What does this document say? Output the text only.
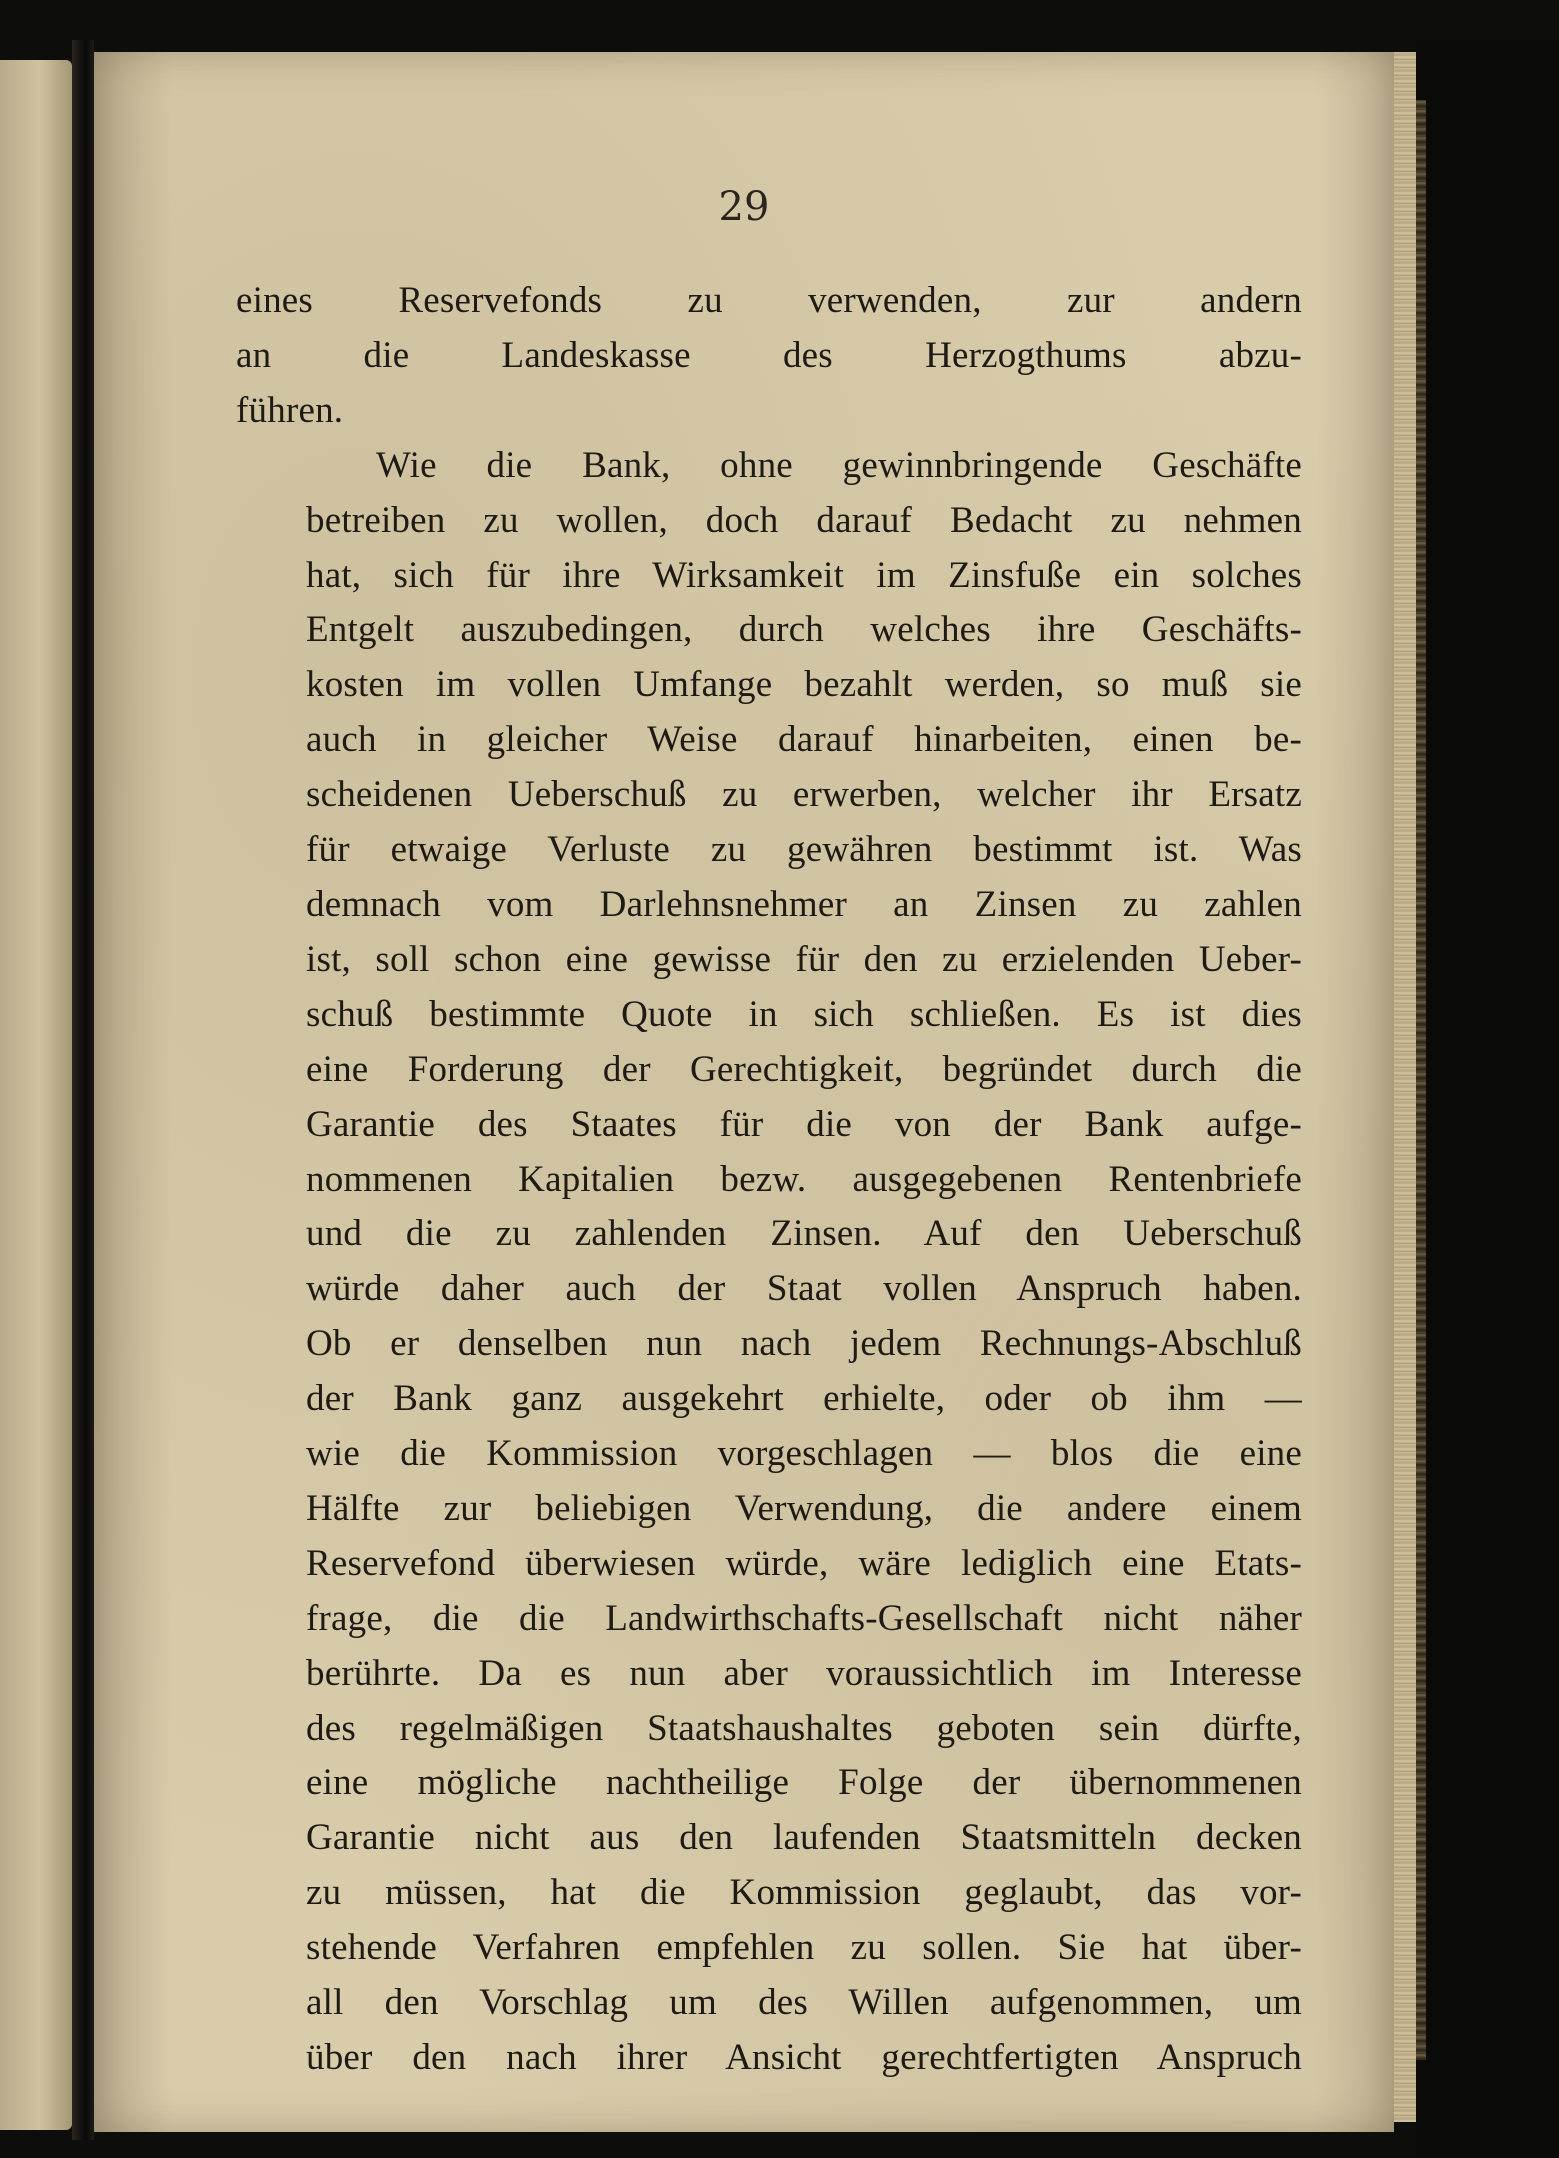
29

eines Reservefonds zu verwenden, zur andern
an die Landeskasse des Herzogthums abzu-
führen.

Wie die Bank, ohne gewinnbringende Geschäfte
betreiben zu wollen, doch darauf Bedacht zu nehmen
hat, sich für ihre Wirksamkeit im Zinsfuße ein solches
Entgelt auszubedingen, durch welches ihre Geschäfts-
kosten im vollen Umfange bezahlt werden, so muß sie
auch in gleicher Weise darauf hinarbeiten, einen be-
scheidenen Ueberschuß zu erwerben, welcher ihr Ersatz
für etwaige Verluste zu gewähren bestimmt ist. Was
demnach vom Darlehnsnehmer an Zinsen zu zahlen
ist, soll schon eine gewisse für den zu erzielenden Ueber-
schuß bestimmte Quote in sich schließen. Es ist dies
eine Forderung der Gerechtigkeit, begründet durch die
Garantie des Staates für die von der Bank aufge-
nommenen Kapitalien bezw. ausgegebenen Rentenbriefe
und die zu zahlenden Zinsen. Auf den Ueberschuß
würde daher auch der Staat vollen Anspruch haben.
Ob er denselben nun nach jedem Rechnungs-Abschluß
der Bank ganz ausgekehrt erhielte, oder ob ihm —
wie die Kommission vorgeschlagen — blos die eine
Hälfte zur beliebigen Verwendung, die andere einem
Reservefond überwiesen würde, wäre lediglich eine Etats-
frage, die die Landwirthschafts-Gesellschaft nicht näher
berührte. Da es nun aber voraussichtlich im Interesse
des regelmäßigen Staatshaushaltes geboten sein dürfte,
eine mögliche nachtheilige Folge der übernommenen
Garantie nicht aus den laufenden Staatsmitteln decken
zu müssen, hat die Kommission geglaubt, das vor-
stehende Verfahren empfehlen zu sollen. Sie hat über-
all den Vorschlag um des Willen aufgenommen, um
über den nach ihrer Ansicht gerechtfertigten Anspruch
